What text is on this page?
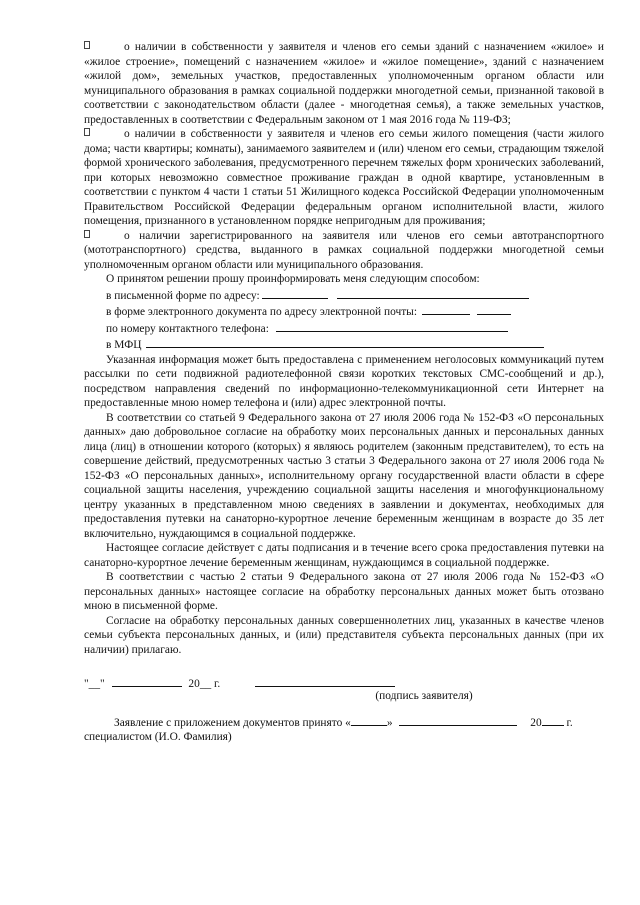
о наличии в собственности у заявителя и членов его семьи зданий с назначением «жилое» и «жилое строение», помещений с назначением «жилое» и «жилое помещение», зданий с назначением «жилой дом», земельных участков, предоставленных уполномоченным органом области или муниципального образования в рамках социальной поддержки многодетной семьи, признанной таковой в соответствии с законодательством области (далее - многодетная семья), а также земельных участков, предоставленных в соответствии с Федеральным законом от 1 мая 2016 года № 119-ФЗ;

о наличии в собственности у заявителя и членов его семьи жилого помещения (части жилого дома; части квартиры; комнаты), занимаемого заявителем и (или) членом его семьи, страдающим тяжелой формой хронического заболевания, предусмотренного перечнем тяжелых форм хронических заболеваний, при которых невозможно совместное проживание граждан в одной квартире, установленным в соответствии с пунктом 4 части 1 статьи 51 Жилищного кодекса Российской Федерации уполномоченным Правительством Российской Федерации федеральным органом исполнительной власти, жилого помещения, признанного в установленном порядке непригодным для проживания;

о наличии зарегистрированного на заявителя или членов его семьи автотранспортного (мототранспортного) средства, выданного в рамках социальной поддержки многодетной семьи уполномоченным органом области или муниципального образования.

О принятом решении прошу проинформировать меня следующим способом:

в письменной форме по адресу:
в форме электронного документа по адресу электронной почты:
по номеру контактного телефона:
в МФЦ

Указанная информация может быть предоставлена с применением неголосовых коммуникаций путем рассылки по сети подвижной радиотелефонной связи коротких текстовых СМС-сообщений и др.), посредством направления сведений по информационно-телекоммуникационной сети Интернет на предоставленные мною номер телефона и (или) адрес электронной почты.

В соответствии со статьей 9 Федерального закона от 27 июля 2006 года № 152-ФЗ «О персональных данных» даю добровольное согласие на обработку моих персональных данных и персональных данных лица (лиц) в отношении которого (которых) я являюсь родителем (законным представителем), то есть на совершение действий, предусмотренных частью 3 статьи 3 Федерального закона от 27 июля 2006 года № 152-ФЗ «О персональных данных», исполнительному органу государственной власти области в сфере социальной защиты населения, учреждению социальной защиты населения и многофункциональному центру указанных в представленном мною сведениях в заявлении и документах, необходимых для предоставления путевки на санаторно-курортное лечение беременным женщинам в возрасте до 35 лет включительно, нуждающимся в социальной поддержке.

Настоящее согласие действует с даты подписания и в течение всего срока предоставления путевки на санаторно-курортное лечение беременным женщинам, нуждающимся в социальной поддержке.

В соответствии с частью 2 статьи 9 Федерального закона от 27 июля 2006 года № 152-ФЗ «О персональных данных» настоящее согласие на обработку персональных данных может быть отозвано мною в письменной форме.

Согласие на обработку персональных данных совершеннолетних лиц, указанных в качестве членов семьи субъекта персональных данных, и (или) представителя субъекта персональных данных (при их наличии) прилагаю.

"__"	20__ г.
(подпись заявителя)
Заявление с приложением документов принято «	»	20 г.
специалистом (И.О. Фамилия)
